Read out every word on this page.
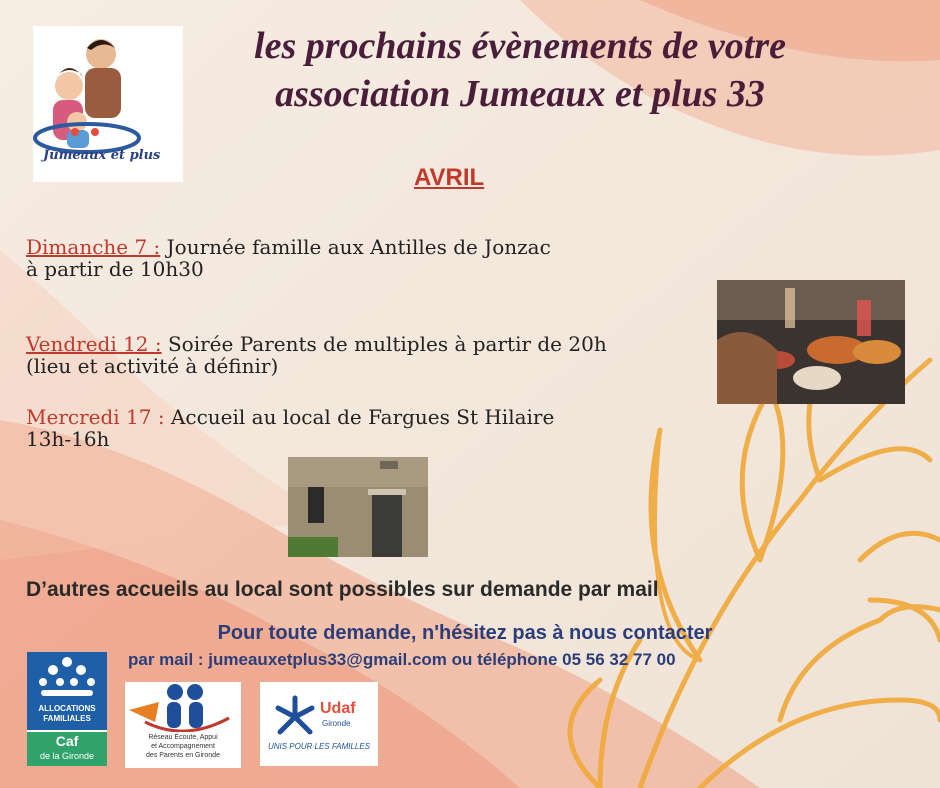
les prochains évènements de votre
association Jumeaux et plus 33
Jumeaux et plus
AVRIL
Dimanche 7 : Journée famille aux Antilles de Jonzac
à partir de 10h30
Vendredi 12 : Soirée Parents de multiples à partir de 20h
(lieu et activité à définir)
Mercredi 17 : Accueil au local de Fargues St Hilaire
13h-16h
D’autres accueils au local sont possibles sur demande par mail
Pour toute demande, n'hésitez pas à nous contacter
par mail : jumeauxetplus33@gmail.com ou téléphone 05 56 32 77 00
ALLOCATIONS
FAMILIALES
Caf
de la Gironde
Réseau Écoute, Appui
et Accompagnement
des Parents en Gironde
Udaf
Gironde
UNIS POUR LES FAMILLES
